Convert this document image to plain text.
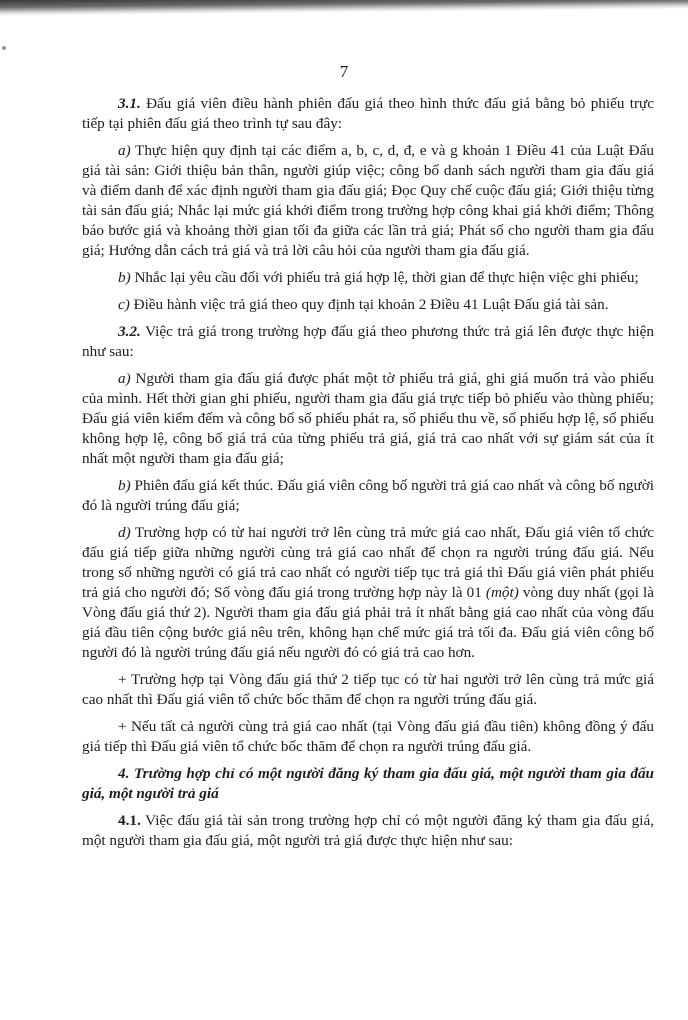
7

3.1. Đấu giá viên điều hành phiên đấu giá theo hình thức đấu giá bằng bỏ phiếu trực tiếp tại phiên đấu giá theo trình tự sau đây:

a) Thực hiện quy định tại các điểm a, b, c, d, đ, e và g khoản 1 Điều 41 của Luật Đấu giá tài sản: Giới thiệu bản thân, người giúp việc; công bố danh sách người tham gia đấu giá và điểm danh để xác định người tham gia đấu giá; Đọc Quy chế cuộc đấu giá; Giới thiệu từng tài sản đấu giá; Nhắc lại mức giá khởi điểm trong trường hợp công khai giá khởi điểm; Thông báo bước giá và khoảng thời gian tối đa giữa các lần trả giá; Phát số cho người tham gia đấu giá; Hướng dẫn cách trả giá và trả lời câu hỏi của người tham gia đấu giá.

b) Nhắc lại yêu cầu đối với phiếu trả giá hợp lệ, thời gian để thực hiện việc ghi phiếu;

c) Điều hành việc trả giá theo quy định tại khoản 2 Điều 41 Luật Đấu giá tài sản.

3.2. Việc trả giá trong trường hợp đấu giá theo phương thức trả giá lên được thực hiện như sau:

a) Người tham gia đấu giá được phát một tờ phiếu trả giá, ghi giá muốn trả vào phiếu của mình. Hết thời gian ghi phiếu, người tham gia đấu giá trực tiếp bỏ phiếu vào thùng phiếu; Đấu giá viên kiểm đếm và công bố số phiếu phát ra, số phiếu thu về, số phiếu hợp lệ, số phiếu không hợp lệ, công bố giá trả của từng phiếu trả giá, giá trả cao nhất với sự giám sát của ít nhất một người tham gia đấu giá;

b) Phiên đấu giá kết thúc. Đấu giá viên công bố người trả giá cao nhất và công bố người đó là người trúng đấu giá;

d) Trường hợp có từ hai người trở lên cùng trả mức giá cao nhất, Đấu giá viên tổ chức đấu giá tiếp giữa những người cùng trả giá cao nhất để chọn ra người trúng đấu giá. Nếu trong số những người có giá trả cao nhất có người tiếp tục trả giá thì Đấu giá viên phát phiếu trả giá cho người đó; Số vòng đấu giá trong trường hợp này là 01 (một) vòng duy nhất (gọi là Vòng đấu giá thứ 2). Người tham gia đấu giá phải trả ít nhất bằng giá cao nhất của vòng đấu giá đầu tiên cộng bước giá nêu trên, không hạn chế mức giá trả tối đa. Đấu giá viên công bố người đó là người trúng đấu giá nếu người đó có giá trả cao hơn.

+ Trường hợp tại Vòng đấu giá thứ 2 tiếp tục có từ hai người trở lên cùng trả mức giá cao nhất thì Đấu giá viên tổ chức bốc thăm để chọn ra người trúng đấu giá.

+ Nếu tất cả người cùng trả giá cao nhất (tại Vòng đấu giá đầu tiên) không đồng ý đấu giá tiếp thì Đấu giá viên tổ chức bốc thăm để chọn ra người trúng đấu giá.

4. Trường hợp chỉ có một người đăng ký tham gia đấu giá, một người tham gia đấu giá, một người trả giá

4.1. Việc đấu giá tài sản trong trường hợp chỉ có một người đăng ký tham gia đấu giá, một người tham gia đấu giá, một người trả giá được thực hiện như sau:
